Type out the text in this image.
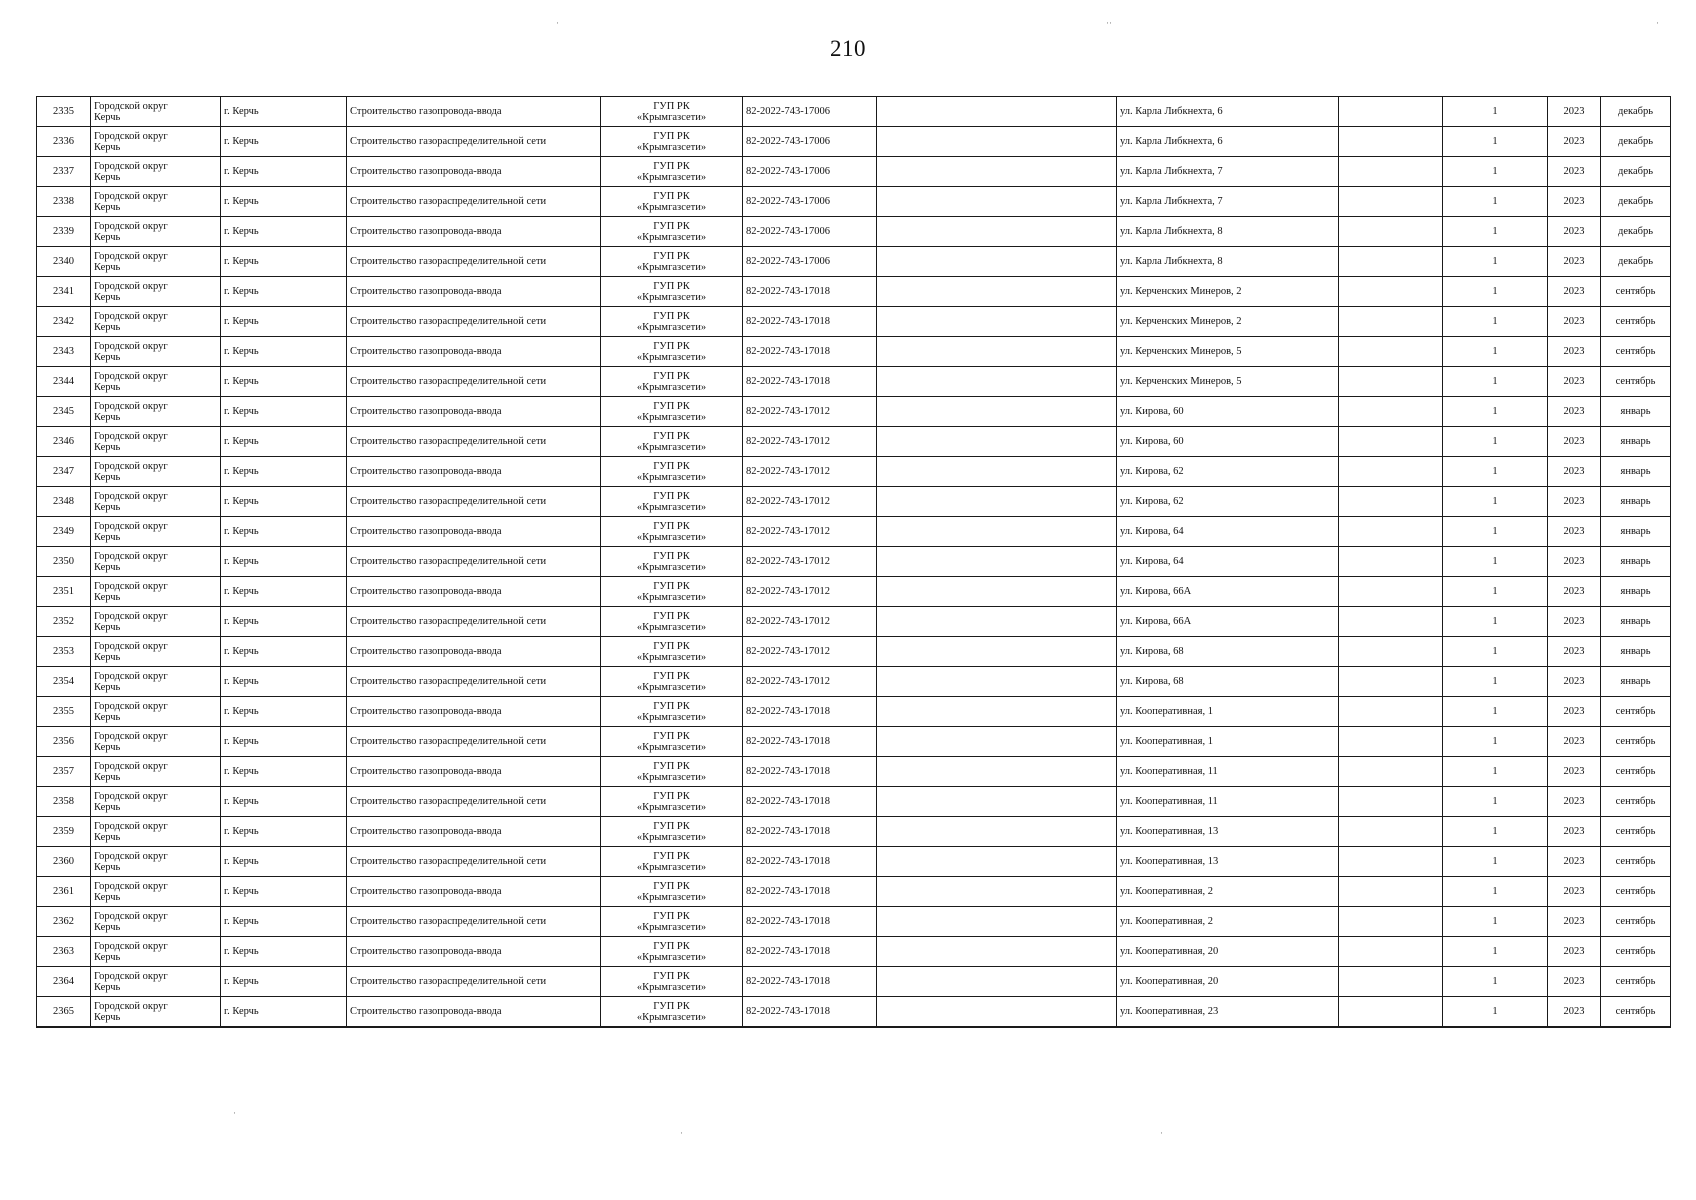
210
·	··	·
·
·	·
2335	Городской округ
Керчь	г. Керчь	Строительство газопровода-ввода	ГУП РК
«Крымгазсети»	82-2022-743-17006		ул. Карла Либкнехта, 6		1	2023	декабрь
2336	Городской округ
Керчь	г. Керчь	Строительство газораспределительной сети	ГУП РК
«Крымгазсети»	82-2022-743-17006		ул. Карла Либкнехта, 6		1	2023	декабрь
2337	Городской округ
Керчь	г. Керчь	Строительство газопровода-ввода	ГУП РК
«Крымгазсети»	82-2022-743-17006		ул. Карла Либкнехта, 7		1	2023	декабрь
2338	Городской округ
Керчь	г. Керчь	Строительство газораспределительной сети	ГУП РК
«Крымгазсети»	82-2022-743-17006		ул. Карла Либкнехта, 7		1	2023	декабрь
2339	Городской округ
Керчь	г. Керчь	Строительство газопровода-ввода	ГУП РК
«Крымгазсети»	82-2022-743-17006		ул. Карла Либкнехта, 8		1	2023	декабрь
2340	Городской округ
Керчь	г. Керчь	Строительство газораспределительной сети	ГУП РК
«Крымгазсети»	82-2022-743-17006		ул. Карла Либкнехта, 8		1	2023	декабрь
2341	Городской округ
Керчь	г. Керчь	Строительство газопровода-ввода	ГУП РК
«Крымгазсети»	82-2022-743-17018		ул. Керченских Минеров, 2		1	2023	сентябрь
2342	Городской округ
Керчь	г. Керчь	Строительство газораспределительной сети	ГУП РК
«Крымгазсети»	82-2022-743-17018		ул. Керченских Минеров, 2		1	2023	сентябрь
2343	Городской округ
Керчь	г. Керчь	Строительство газопровода-ввода	ГУП РК
«Крымгазсети»	82-2022-743-17018		ул. Керченских Минеров, 5		1	2023	сентябрь
2344	Городской округ
Керчь	г. Керчь	Строительство газораспределительной сети	ГУП РК
«Крымгазсети»	82-2022-743-17018		ул. Керченских Минеров, 5		1	2023	сентябрь
2345	Городской округ
Керчь	г. Керчь	Строительство газопровода-ввода	ГУП РК
«Крымгазсети»	82-2022-743-17012		ул. Кирова, 60		1	2023	январь
2346	Городской округ
Керчь	г. Керчь	Строительство газораспределительной сети	ГУП РК
«Крымгазсети»	82-2022-743-17012		ул. Кирова, 60		1	2023	январь
2347	Городской округ
Керчь	г. Керчь	Строительство газопровода-ввода	ГУП РК
«Крымгазсети»	82-2022-743-17012		ул. Кирова, 62		1	2023	январь
2348	Городской округ
Керчь	г. Керчь	Строительство газораспределительной сети	ГУП РК
«Крымгазсети»	82-2022-743-17012		ул. Кирова, 62		1	2023	январь
2349	Городской округ
Керчь	г. Керчь	Строительство газопровода-ввода	ГУП РК
«Крымгазсети»	82-2022-743-17012		ул. Кирова, 64		1	2023	январь
2350	Городской округ
Керчь	г. Керчь	Строительство газораспределительной сети	ГУП РК
«Крымгазсети»	82-2022-743-17012		ул. Кирова, 64		1	2023	январь
2351	Городской округ
Керчь	г. Керчь	Строительство газопровода-ввода	ГУП РК
«Крымгазсети»	82-2022-743-17012		ул. Кирова, 66А		1	2023	январь
2352	Городской округ
Керчь	г. Керчь	Строительство газораспределительной сети	ГУП РК
«Крымгазсети»	82-2022-743-17012		ул. Кирова, 66А		1	2023	январь
2353	Городской округ
Керчь	г. Керчь	Строительство газопровода-ввода	ГУП РК
«Крымгазсети»	82-2022-743-17012		ул. Кирова, 68		1	2023	январь
2354	Городской округ
Керчь	г. Керчь	Строительство газораспределительной сети	ГУП РК
«Крымгазсети»	82-2022-743-17012		ул. Кирова, 68		1	2023	январь
2355	Городской округ
Керчь	г. Керчь	Строительство газопровода-ввода	ГУП РК
«Крымгазсети»	82-2022-743-17018		ул. Кооперативная, 1		1	2023	сентябрь
2356	Городской округ
Керчь	г. Керчь	Строительство газораспределительной сети	ГУП РК
«Крымгазсети»	82-2022-743-17018		ул. Кооперативная, 1		1	2023	сентябрь
2357	Городской округ
Керчь	г. Керчь	Строительство газопровода-ввода	ГУП РК
«Крымгазсети»	82-2022-743-17018		ул. Кооперативная, 11		1	2023	сентябрь
2358	Городской округ
Керчь	г. Керчь	Строительство газораспределительной сети	ГУП РК
«Крымгазсети»	82-2022-743-17018		ул. Кооперативная, 11		1	2023	сентябрь
2359	Городской округ
Керчь	г. Керчь	Строительство газопровода-ввода	ГУП РК
«Крымгазсети»	82-2022-743-17018		ул. Кооперативная, 13		1	2023	сентябрь
2360	Городской округ
Керчь	г. Керчь	Строительство газораспределительной сети	ГУП РК
«Крымгазсети»	82-2022-743-17018		ул. Кооперативная, 13		1	2023	сентябрь
2361	Городской округ
Керчь	г. Керчь	Строительство газопровода-ввода	ГУП РК
«Крымгазсети»	82-2022-743-17018		ул. Кооперативная, 2		1	2023	сентябрь
2362	Городской округ
Керчь	г. Керчь	Строительство газораспределительной сети	ГУП РК
«Крымгазсети»	82-2022-743-17018		ул. Кооперативная, 2		1	2023	сентябрь
2363	Городской округ
Керчь	г. Керчь	Строительство газопровода-ввода	ГУП РК
«Крымгазсети»	82-2022-743-17018		ул. Кооперативная, 20		1	2023	сентябрь
2364	Городской округ
Керчь	г. Керчь	Строительство газораспределительной сети	ГУП РК
«Крымгазсети»	82-2022-743-17018		ул. Кооперативная, 20		1	2023	сентябрь
2365	Городской округ
Керчь	г. Керчь	Строительство газопровода-ввода	ГУП РК
«Крымгазсети»	82-2022-743-17018		ул. Кооперативная, 23		1	2023	сентябрь
